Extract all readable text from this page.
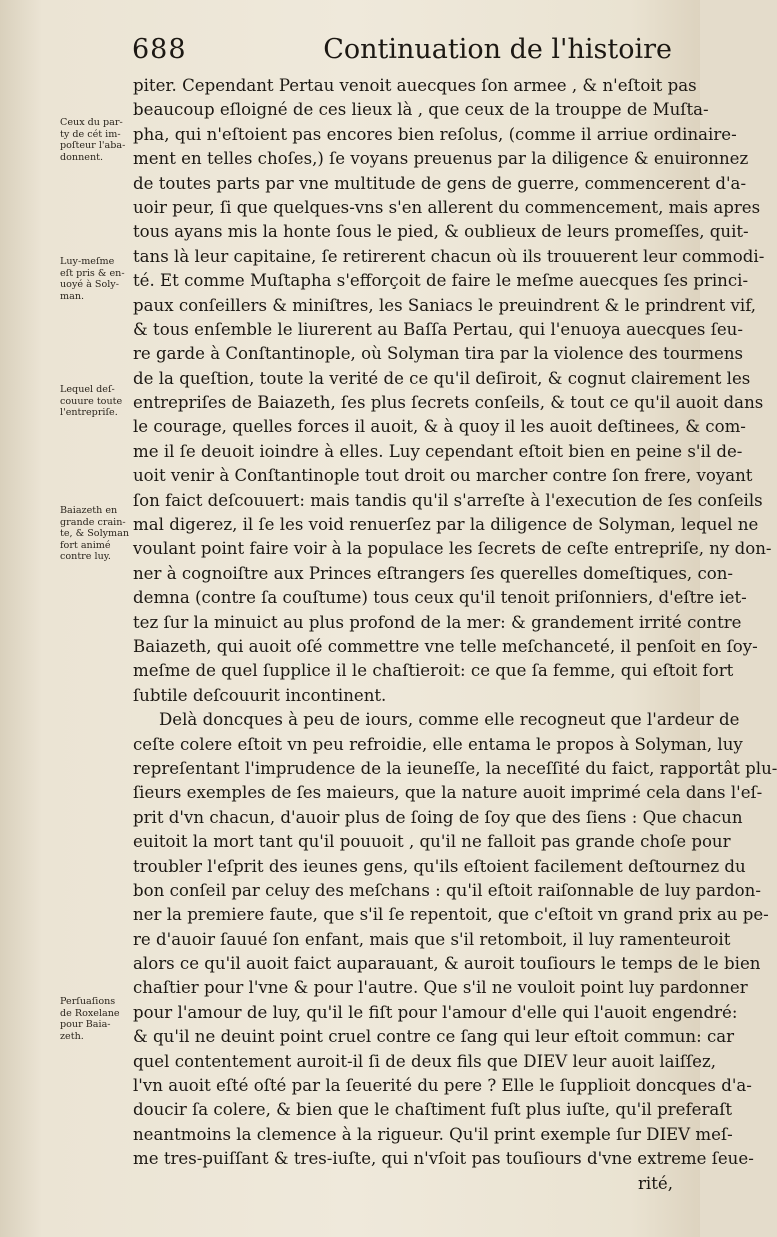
688	Continuation de l'histoire
Ceux du par-ty de cét im-poſteur l'aba-donnent.
Luy-meſme eſt pris & en-uoyé à Soly-man.
Lequel deſ-couure toute l'entrepriſe.
Baiazeth en grande crain-te, & Solyman fort animé contre luy.
Perſuaſions de Roxelane pour Baia-zeth.
piter. Cependant Pertau venoit auecques ſon armee , & n'eſtoit pas
beaucoup eſloigné de ces lieux là , que ceux de la trouppe de Muſta-
pha, qui n'eſtoient pas encores bien reſolus, (comme il arriue ordinaire-
ment en telles choſes,) ſe voyans preuenus par la diligence & enuironnez
de toutes parts par vne multitude de gens de guerre, commencerent d'a-
uoir peur, ſi que quelques-vns s'en allerent du commencement, mais apres
tous ayans mis la honte ſous le pied, & oublieux de leurs promeſſes, quit-
tans là leur capitaine, ſe retirerent chacun où ils trouuerent leur commodi-
té. Et comme Muſtapha s'efforçoit de faire le meſme auecques ſes princi-
paux conſeillers & miniſtres, les Saniacs le preuindrent & le prindrent vif,
& tous enſemble le liurerent au Baſſa Pertau, qui l'enuoya auecques ſeu-
re garde à Conſtantinople, où Solyman tira par la violence des tourmens
de la queſtion, toute la verité de ce qu'il deſiroit, & cognut clairement les
entrepriſes de Baiazeth, ſes plus ſecrets conſeils, & tout ce qu'il auoit dans
le courage, quelles forces il auoit, & à quoy il les auoit deſtinees, & com-
me il ſe deuoit ioindre à elles. Luy cependant eſtoit bien en peine s'il de-
uoit venir à Conſtantinople tout droit ou marcher contre ſon frere, voyant
ſon faict deſcouuert: mais tandis qu'il s'arreſte à l'execution de ſes conſeils
mal digerez, il ſe les void renuerſez par la diligence de Solyman, lequel ne
voulant point faire voir à la populace les ſecrets de ceſte entrepriſe, ny don-
ner à cognoiſtre aux Princes eſtrangers ſes querelles domeſtiques, con-
demna (contre ſa couſtume) tous ceux qu'il tenoit priſonniers, d'eſtre iet-
tez ſur la minuict au plus profond de la mer: & grandement irrité contre
Baiazeth, qui auoit oſé commettre vne telle meſchanceté, il penſoit en ſoy-
meſme de quel ſupplice il le chaſtieroit: ce que ſa femme, qui eſtoit fort
ſubtile deſcouurit incontinent.
Delà doncques à peu de iours, comme elle recogneut que l'ardeur de
ceſte colere eſtoit vn peu refroidie, elle entama le propos à Solyman, luy
repreſentant l'imprudence de la ieuneſſe, la neceſſité du faict, rapportât plu-
ſieurs exemples de ſes maieurs, que la nature auoit imprimé cela dans l'eſ-
prit d'vn chacun, d'auoir plus de ſoing de ſoy que des ſiens : Que chacun
euitoit la mort tant qu'il pouuoit , qu'il ne falloit pas grande choſe pour
troubler l'eſprit des ieunes gens, qu'ils eſtoient facilement deſtournez du
bon conſeil par celuy des meſchans : qu'il eſtoit raiſonnable de luy pardon-
ner la premiere faute, que s'il ſe repentoit, que c'eſtoit vn grand prix au pe-
re d'auoir ſauué ſon enfant, mais que s'il retomboit, il luy ramenteuroit
alors ce qu'il auoit faict auparauant, & auroit touſiours le temps de le bien
chaſtier pour l'vne & pour l'autre. Que s'il ne vouloit point luy pardonner
pour l'amour de luy, qu'il le fiſt pour l'amour d'elle qui l'auoit engendré:
& qu'il ne deuint point cruel contre ce ſang qui leur eſtoit commun: car
quel contentement auroit-il ſi de deux fils que DIEV leur auoit laiſſez,
l'vn auoit eſté oſté par la ſeuerité du pere ? Elle le ſupplioit doncques d'a-
doucir ſa colere, & bien que le chaſtiment fuſt plus iuſte, qu'il preferaſt
neantmoins la clemence à la rigueur. Qu'il print exemple ſur DIEV meſ-
me tres-puiſſant & tres-iuſte, qui n'vſoit pas touſiours d'vne extreme ſeue-
rité,
